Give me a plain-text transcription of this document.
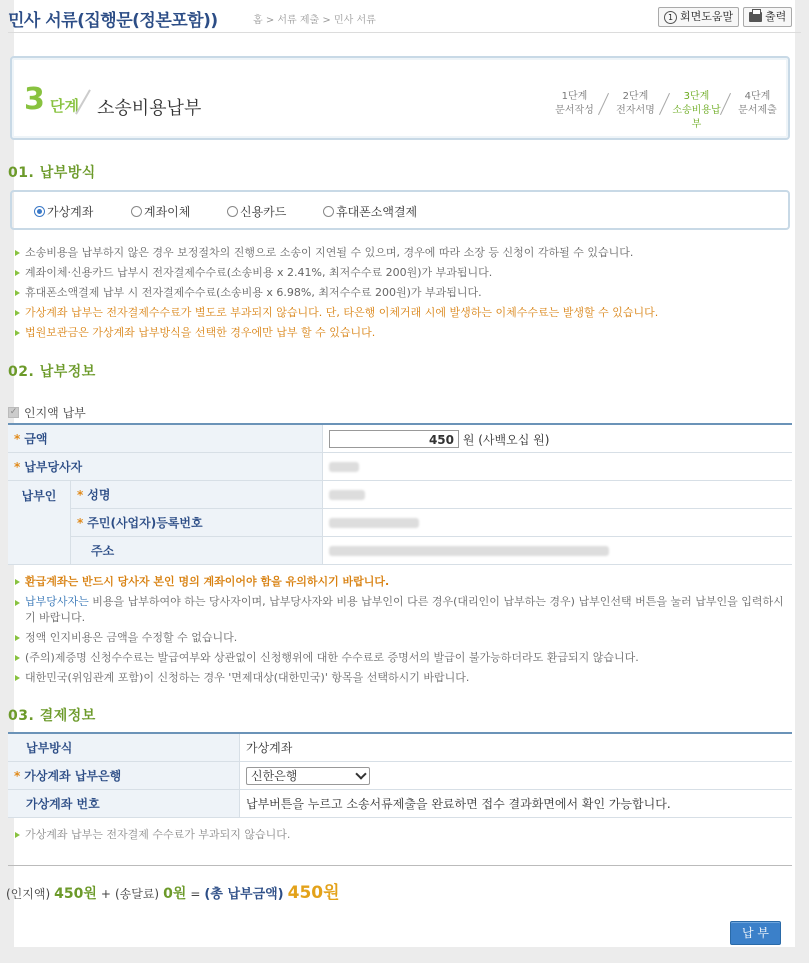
민사 서류(집행문(정본포함))	홈 > 서류 제출 > 민사 서류	1 회면도움말	출력
3 단계 소송비용납부
1단계
문서작성
2단계
전자서명
3단계
소송비용납부
4단계
문서제출
01. 납부방식
가상계좌	계좌이체	신용카드	휴대폰소액결제
소송비용을 납부하지 않은 경우 보정절차의 진행으로 소송이 지연될 수 있으며, 경우에 따라 소장 등 신청이 각하될 수 있습니다.
계좌이체·신용카드 납부시 전자결제수수료(소송비용 x 2.41%, 최저수수료 200원)가 부과됩니다.
휴대폰소액결제 납부 시 전자결제수수료(소송비용 x 6.98%, 최저수수료 200원)가 부과됩니다.
가상계좌 납부는 전자결제수수료가 별도로 부과되지 않습니다. 단, 타은행 이체거래 시에 발생하는 이체수수료는 발생할 수 있습니다.
법원보관금은 가상계좌 납부방식을 선택한 경우에만 납부 할 수 있습니다.
02. 납부정보
✓ 인지액 납부
* 금액		450 원 (사백오십 원)
* 납부당사자		
납부인	* 성명	
	* 주민(사업자)등록번호	
	주소	
환급계좌는 반드시 당사자 본인 명의 계좌이어야 함을 유의하시기 바랍니다.
납부당사자는 비용을 납부하여야 하는 당사자이며, 납부당사자와 비용 납부인이 다른 경우(대리인이 납부하는 경우) 납부인선택 버튼을 눌러 납부인을 입력하시기 바랍니다.
정액 인지비용은 금액을 수정할 수 없습니다.
(주의)제증명 신청수수료는 발급여부와 상관없이 신청행위에 대한 수수료로 증명서의 발급이 불가능하더라도 환급되지 않습니다.
대한민국(위임관계 포함)이 신청하는 경우 '면제대상(대한민국)' 항목을 선택하시기 바랍니다.
03. 결제정보
납부방식	가상계좌
* 가상계좌 납부은행	신한은행

가상계좌 번호	납부버튼을 누르고 소송서류제출을 완료하면 접수 결과화면에서 확인 가능합니다.
가상계좌 납부는 전자결제 수수료가 부과되지 않습니다.
(인지액) 450원 + (송달료) 0원 = (총 납부금액) 450원
납 부
